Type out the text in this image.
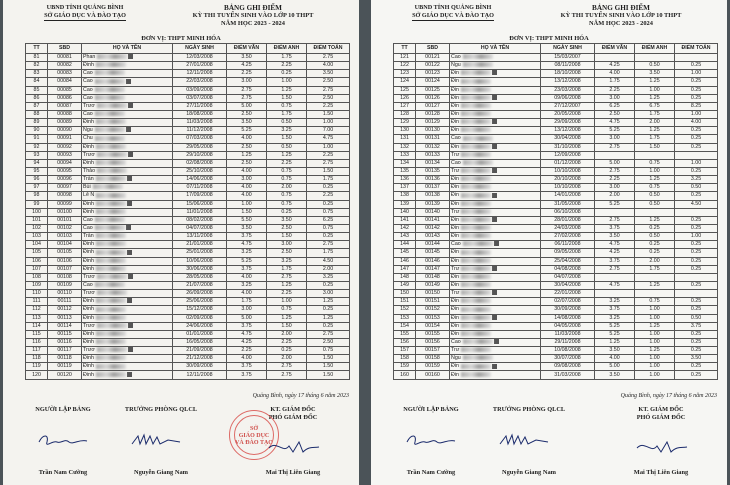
UBND TỈNH QUẢNG BÌNH
SỞ GIÁO DỤC VÀ ĐÀO TẠO
BẢNG GHI ĐIỂM
KỲ THI TUYỂN SINH VÀO LỚP 10 THPT
NĂM HỌC 2023 - 2024
ĐƠN VỊ: THPT MINH HÓA
TT	SBD	HỌ VÀ TÊN	NGÀY SINH	ĐIỂM VĂN	ĐIỂM ANH	ĐIỂM TOÁN
81	00081	Phan	12/03/2008	3.50	1.75	2.75
82	00082	Đinh	27/01/2008	4.25	2.25	4.00
83	00083	Cao	12/11/2008	2.25	0.25	3.50
84	00084	Cao	22/03/2008	3.00	1.00	2.50
85	00085	Cao	03/09/2008	2.75	1.25	2.75
86	00086	Cao	03/07/2008	2.75	1.50	2.50
87	00087	Trươ	27/11/2008	5.00	0.75	2.25
88	00088	Cao	18/08/2008	2.50	1.75	1.50
89	00089	Đinh	11/03/2008	3.50	0.50	1.00
90	00090	Ngu	11/12/2008	5.25	3.25	7.00
91	00091	Chu	07/03/2008	4.00	1.50	4.75
92	00092	Đinh	29/05/2008	2.50	0.50	1.00
93	00093	Trươ	29/10/2008	1.25	1.25	2.25
94	00094	Đinh	02/08/2008	2.50	2.25	2.75
95	00095	Thảo	25/10/2008	4.00	0.75	1.50
96	00096	Trần	14/06/2008	3.00	0.75	1.75
97	00097	Bùi	07/11/2008	4.00	2.00	0.25
98	00098	Lê N	17/09/2008	4.00	0.75	2.25
99	00099	Đinh	15/06/2008	1.00	0.75	0.25
100	00100	Đinh	11/01/2008	1.50	0.25	0.75
101	00101	Cao	08/02/2008	5.50	3.50	6.25
102	00102	Cao	04/07/2008	3.50	2.50	0.75
103	00103	Trần	13/11/2008	3.75	1.50	0.25
104	00104	Đinh	21/01/2008	4.75	3.00	2.75
105	00105	Đinh	25/01/2008	3.25	2.50	1.75
106	00106	Đinh	10/06/2008	5.25	3.25	4.50
107	00107	Đinh	30/06/2008	3.75	1.75	2.00
108	00108	Trươ	28/05/2008	4.00	2.75	3.25
109	00109	Cao	21/07/2008	3.25	1.25	0.25
110	00110	Trươ	26/09/2008	4.00	2.25	3.00
111	00111	Đinh	25/06/2008	1.75	1.00	1.25
112	00112	Đinh	15/12/2008	3.00	0.75	0.25
113	00113	Đinh	02/09/2008	5.00	1.25	1.25
114	00114	Trươ	24/06/2008	3.75	1.50	0.25
115	00115	Đinh	01/01/2008	4.75	2.00	2.75
116	00116	Đinh	16/05/2008	4.25	2.25	2.50
117	00117	Trươ	21/09/2008	2.25	0.25	0.75
118	00118	Đinh	21/12/2008	4.00	2.00	1.50
119	00119	Đinh	30/09/2008	3.75	2.75	1.50
120	00120	Đinh	12/11/2008	3.75	2.75	1.50
Quảng Bình, ngày 17 tháng 6 năm 2023
NGƯỜI LẬP BẢNG	TRƯỞNG PHÒNG QLCL	KT. GIÁM ĐỐC
PHÓ GIÁM ĐỐC
SỞ
GIÁO DỤC
VÀ ĐÀO TẠO
Trần Nam Cường	Nguyễn Giang Nam	Mai Thị Liên Giang
UBND TỈNH QUẢNG BÌNH
SỞ GIÁO DỤC VÀ ĐÀO TẠO
BẢNG GHI ĐIỂM
KỲ THI TUYỂN SINH VÀO LỚP 10 THPT
NĂM HỌC 2023 - 2024
ĐƠN VỊ: THPT MINH HÓA
TT	SBD	HỌ VÀ TÊN	NGÀY SINH	ĐIỂM VĂN	ĐIỂM ANH	ĐIỂM TOÁN
121	00121	Cao	15/03/2007			
122	00122	Ngu	08/11/2008	4.25	0.50	0.25
123	00123	Đin	18/10/2008	4.00	3.50	1.00
124	00124	Đin	13/12/2008	1.75	1.25	0.25
125	00125	Đin	23/03/2008	2.25	1.00	0.25
126	00126	Đin	09/06/2008	3.00	1.25	0.25
127	00127	Đin	27/12/2007	6.25	6.75	8.25
128	00128	Đin	20/05/2008	2.50	1.75	1.00
129	00129	Đin	29/09/2008	4.75	2.00	4.00
130	00130	Đin	13/12/2008	5.25	1.25	0.25
131	00131	Cao	30/04/2008	3.00	1.75	0.25
132	00132	Đin	31/10/2008	2.75	1.50	0.25
133	00133	Trư	12/09/2008			
134	00134	Cao	01/12/2008	5.00	0.75	1.00
135	00135	Trư	10/10/2008	2.75	1.00	0.25
136	00136	Đin	20/10/2008	2.25	1.25	3.25
137	00137	Đin	10/10/2008	3.00	0.75	0.50
138	00138	Đin	14/01/2008	2.00	0.50	0.25
139	00139	Đin	31/05/2008	5.25	0.50	4.50
140	00140	Trư	06/10/2008			
141	00141	Đin	28/01/2008	2.75	1.25	0.25
142	00142	Đin	24/03/2008	3.75	0.25	0.25
143	00143	Đin	27/02/2008	3.50	0.50	1.00
144	00144	Cao	06/11/2008	4.75	0.25	0.25
145	00145	Đin	09/05/2008	4.25	0.25	0.25
146	00146	Đin	25/04/2008	3.75	2.00	0.25
147	00147	Trư	04/08/2008	2.75	1.75	0.25
148	00148	Đin	04/07/2008			
149	00149	Đin	30/04/2008	4.75	1.25	0.25
150	00150	Trư	22/01/2008			
151	00151	Đin	02/07/2008	3.25	0.75	0.25
152	00152	Đin	30/09/2008	3.75	1.00	0.25
153	00153	Đin	14/08/2008	3.25	1.00	0.50
154	00154	Đin	04/05/2008	5.25	1.25	3.75
155	00155	Đin	11/03/2008	5.25	1.00	0.25
156	00156	Cao	29/11/2008	1.25	1.00	0.25
157	00157	Trư	10/08/2008	3.50	1.25	0.25
158	00158	Ngu	30/07/2008	4.00	1.00	3.50
159	00159	Đin	09/08/2008	5.00	1.00	0.25
160	00160	Đin	31/03/2008	3.50	1.00	0.25
Quảng Bình, ngày 17 tháng 6 năm 2023
NGƯỜI LẬP BẢNG	TRƯỞNG PHÒNG QLCL	KT. GIÁM ĐỐC
PHÓ GIÁM ĐỐC
Trần Nam Cường	Nguyễn Giang Nam	Mai Thị Liên Giang
